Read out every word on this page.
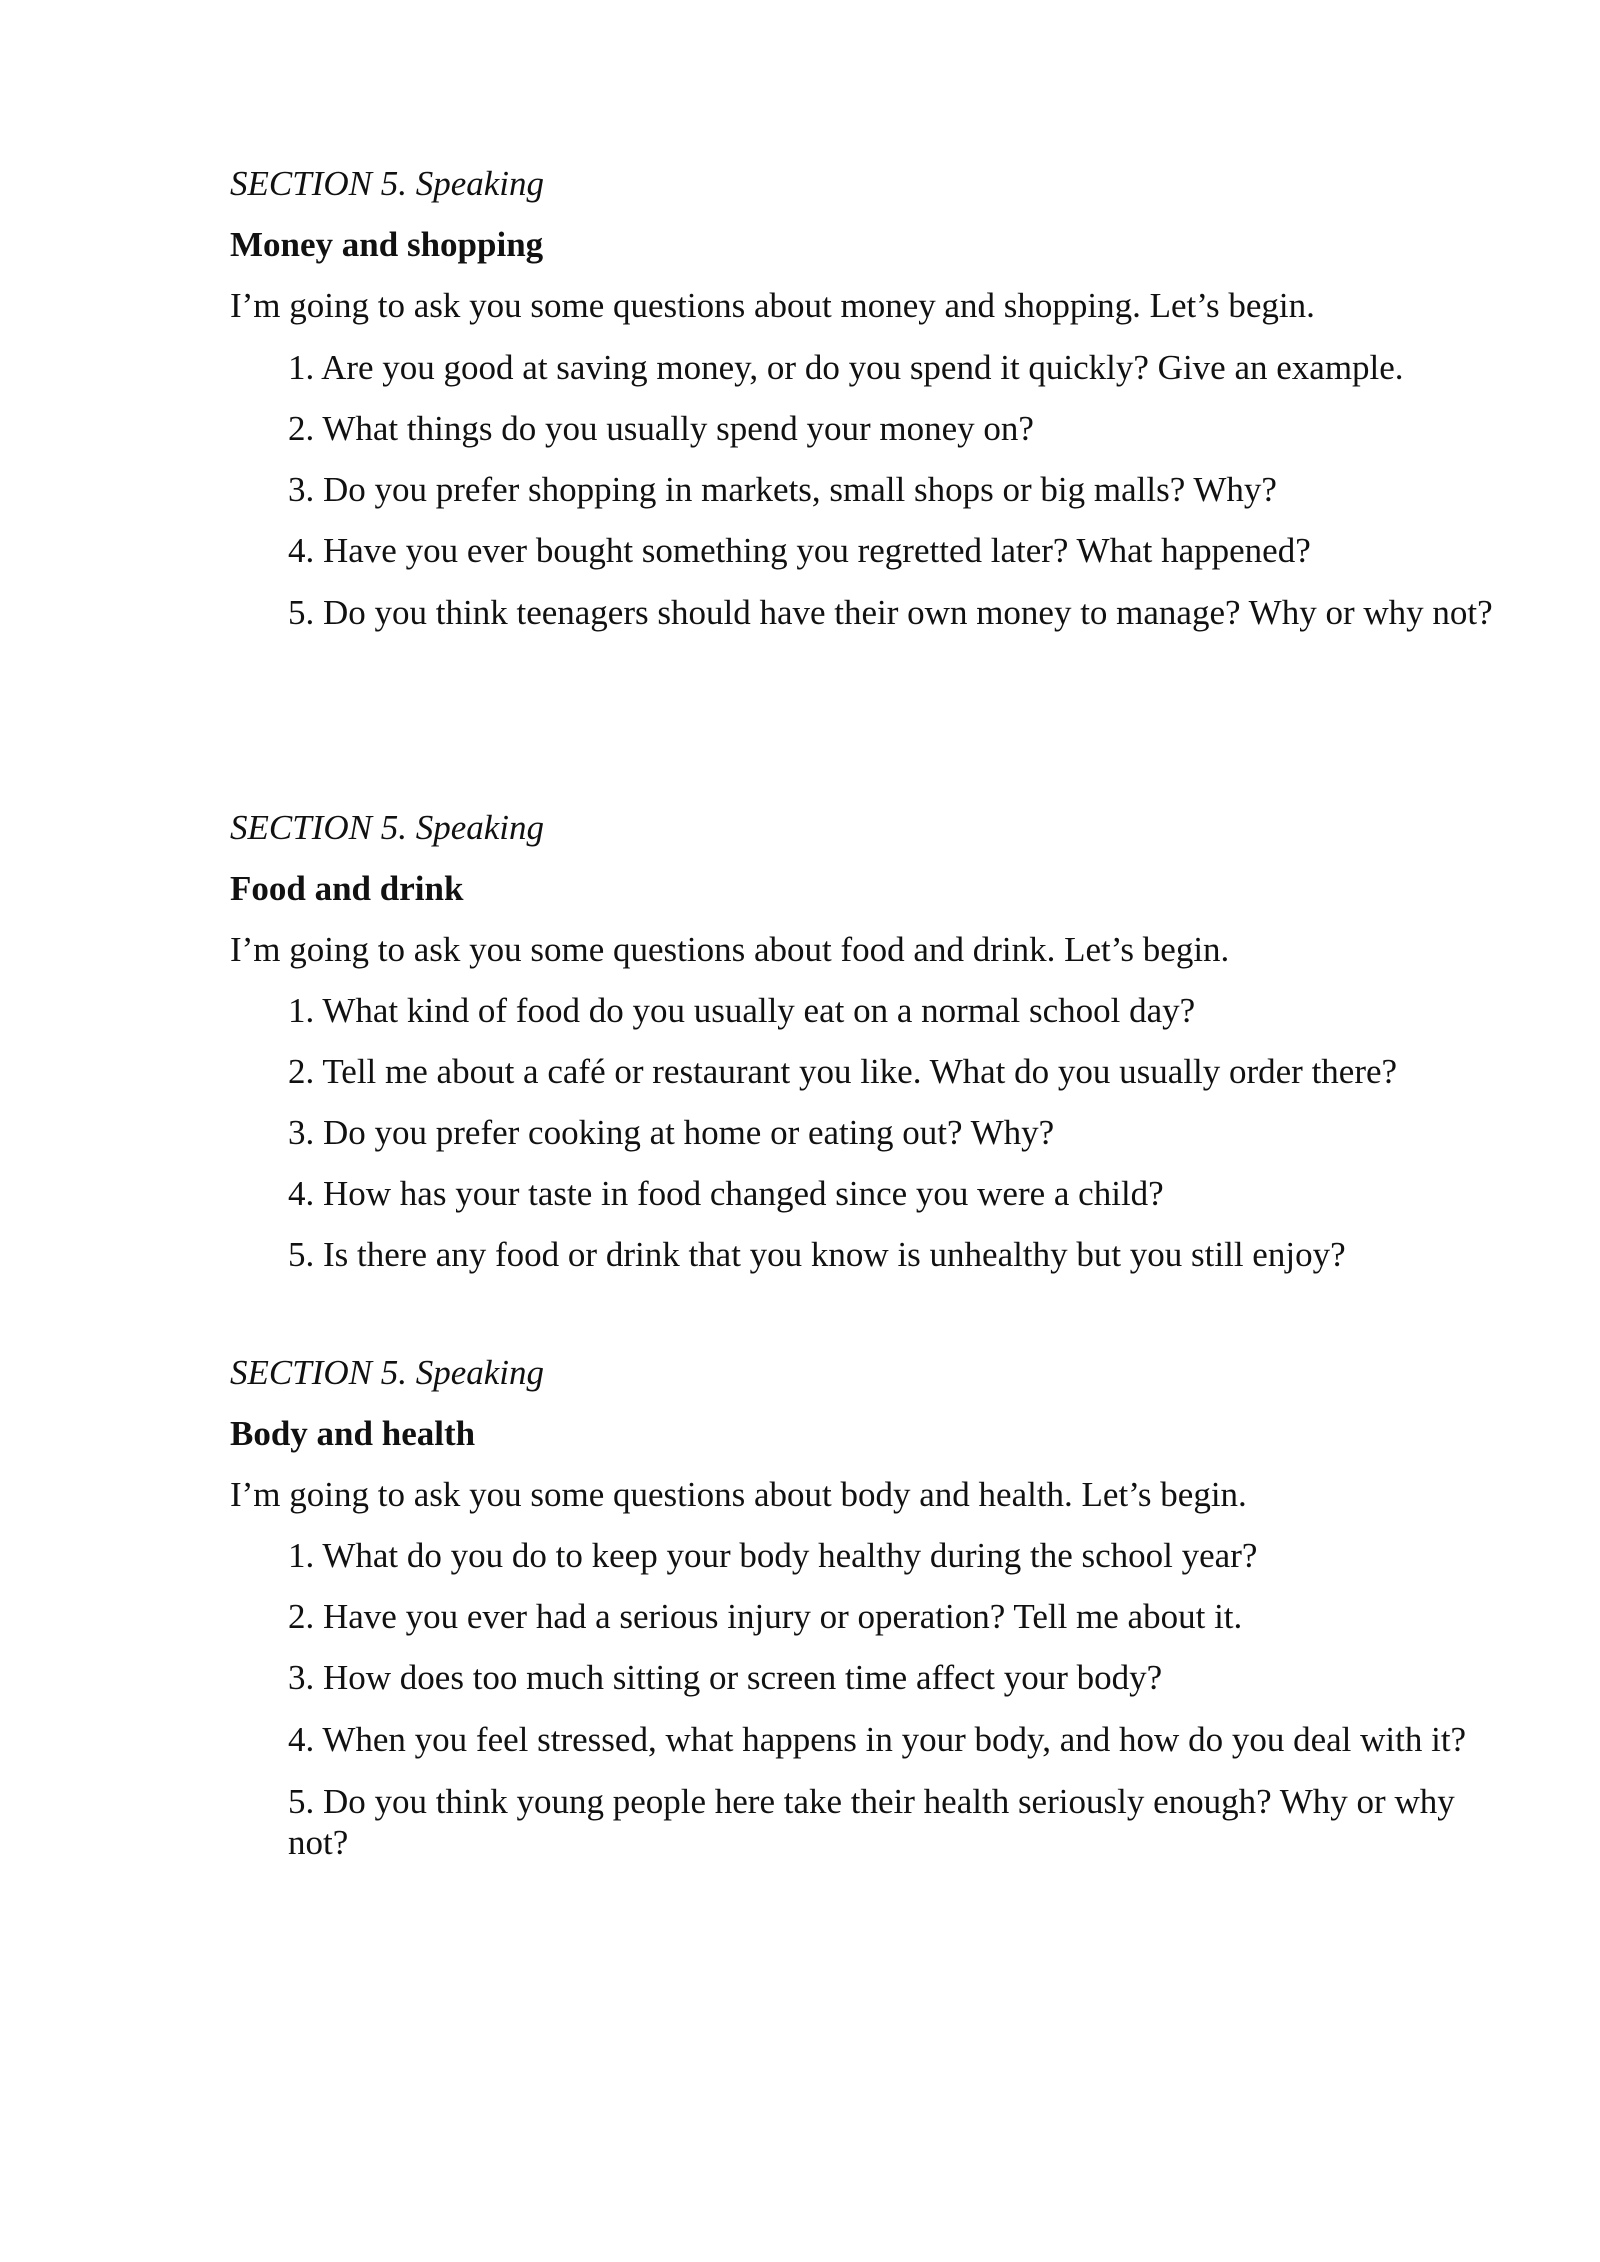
SECTION 5. Speaking

Money and shopping

I’m going to ask you some questions about money and shopping. Let’s begin.

1. Are you good at saving money, or do you spend it quickly? Give an example.
2. What things do you usually spend your money on?
3. Do you prefer shopping in markets, small shops or big malls? Why?
4. Have you ever bought something you regretted later? What happened?
5. Do you think teenagers should have their own money to manage? Why or why not?

SECTION 5. Speaking

Food and drink

I’m going to ask you some questions about food and drink. Let’s begin.

1. What kind of food do you usually eat on a normal school day?
2. Tell me about a café or restaurant you like. What do you usually order there?
3. Do you prefer cooking at home or eating out? Why?
4. How has your taste in food changed since you were a child?
5. Is there any food or drink that you know is unhealthy but you still enjoy?

SECTION 5. Speaking

Body and health

I’m going to ask you some questions about body and health. Let’s begin.

1. What do you do to keep your body healthy during the school year?
2. Have you ever had a serious injury or operation? Tell me about it.
3. How does too much sitting or screen time affect your body?
4. When you feel stressed, what happens in your body, and how do you deal with it?
5. Do you think young people here take their health seriously enough? Why or why not?
